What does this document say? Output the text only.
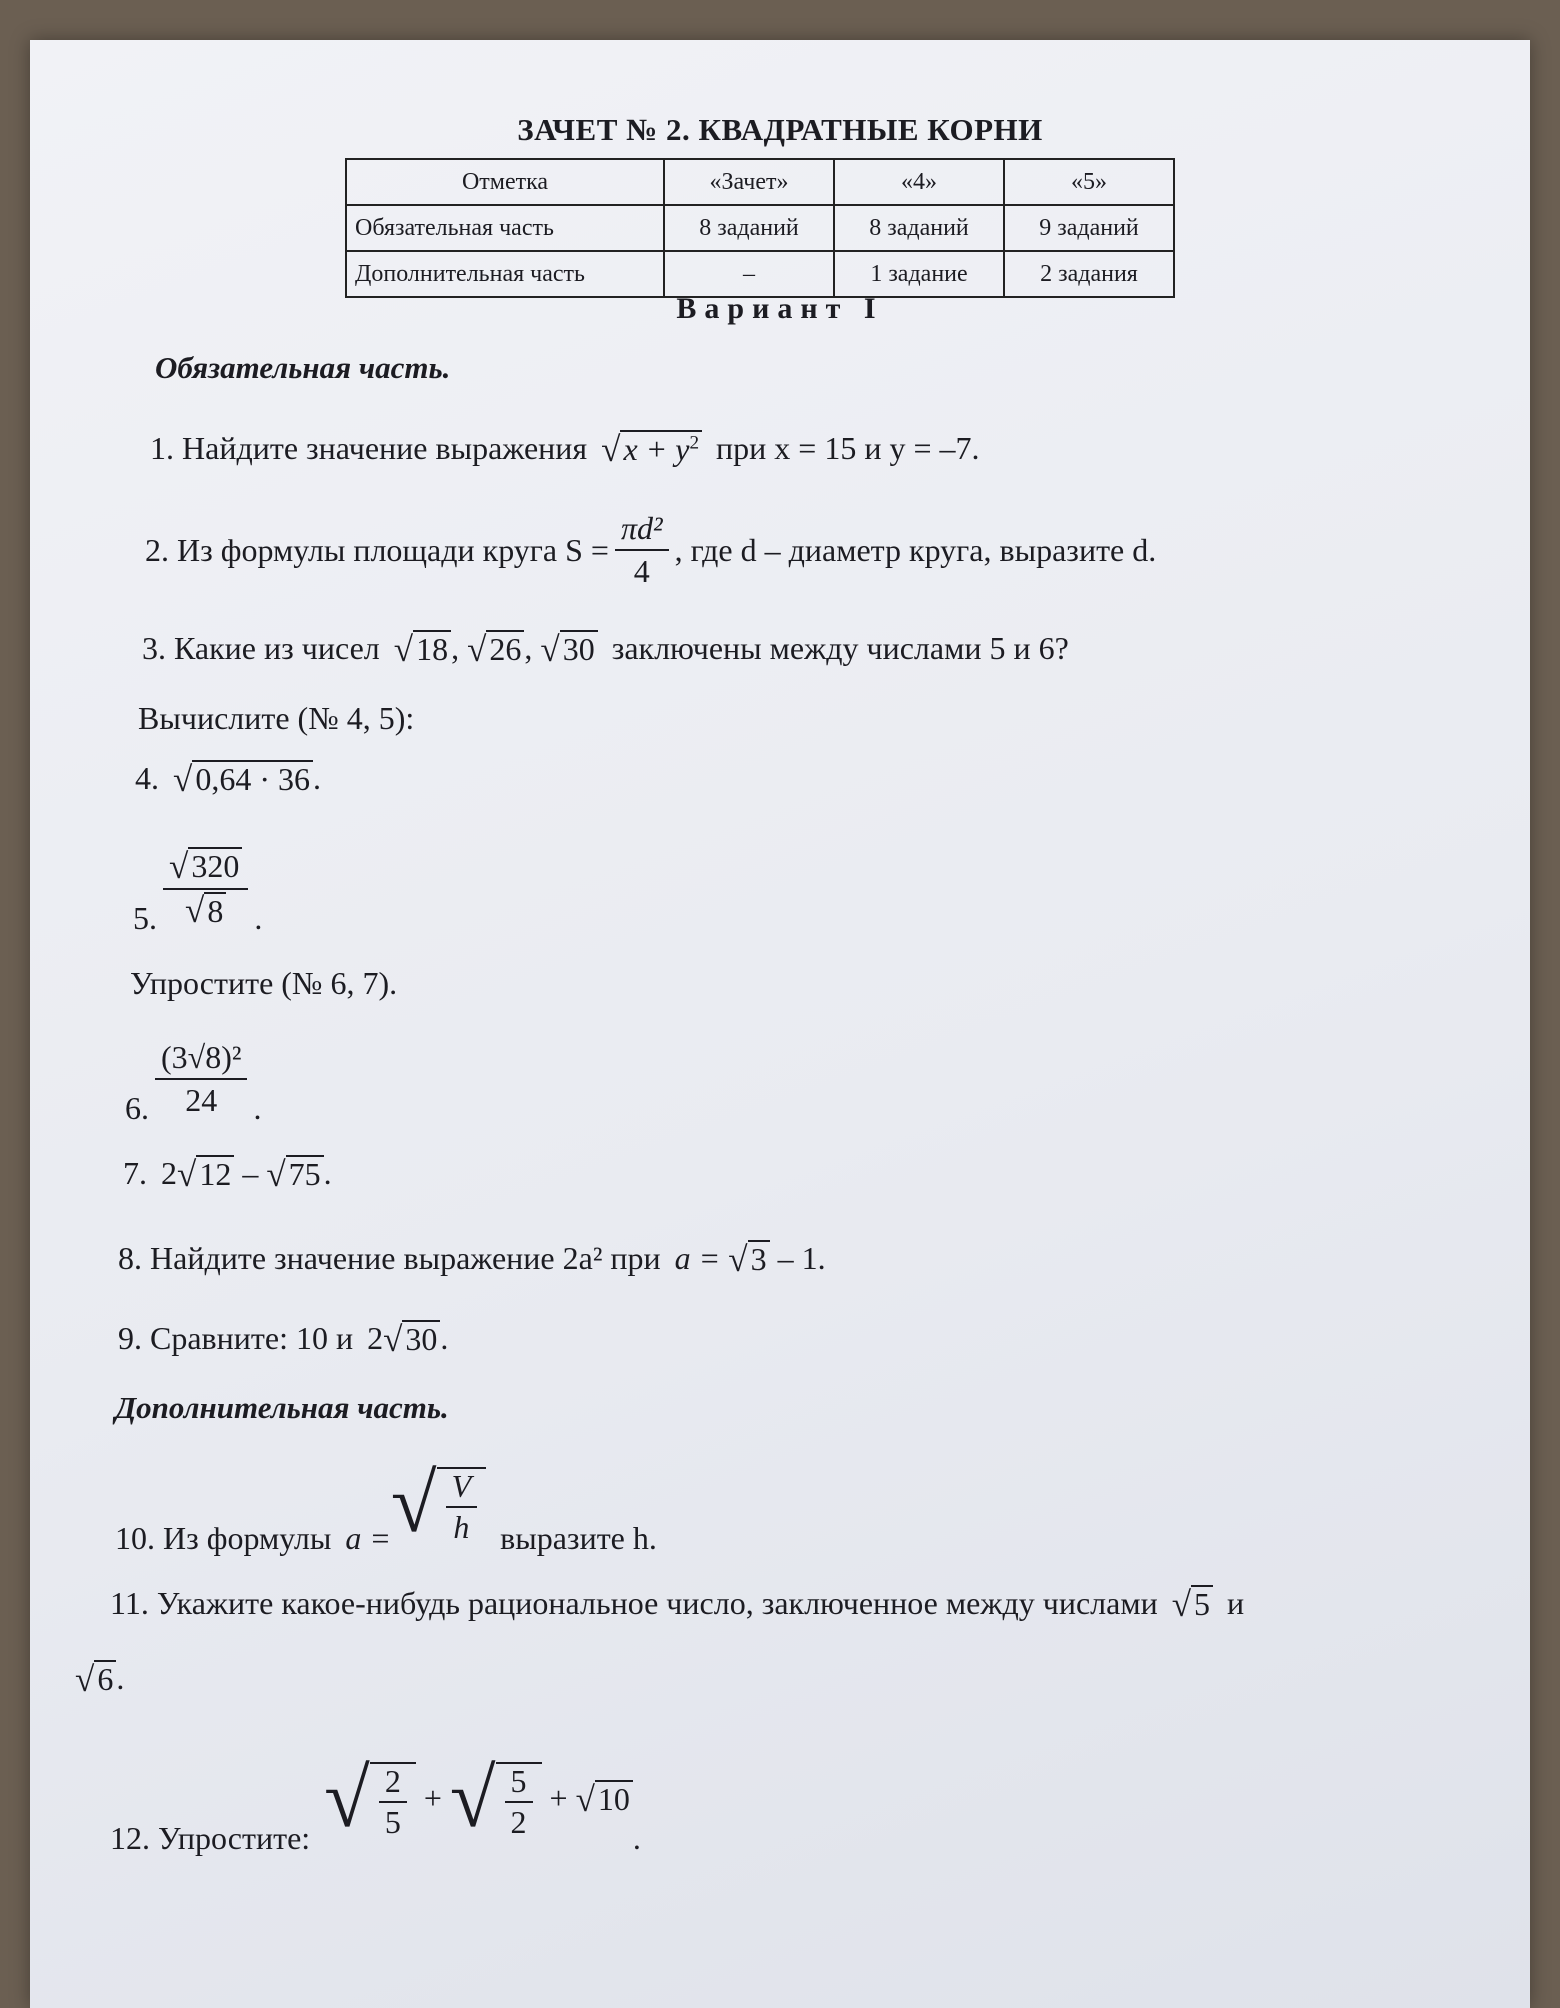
ЗАЧЕТ № 2. КВАДРАТНЫЕ КОРНИ
Отметка	«Зачет»	«4»	«5»
Обязательная часть	8 заданий	8 заданий	9 заданий
Дополнительная часть	–	1 задание	2 задания
Вариант I
Обязательная часть.
1. Найдите значение выражения √ $x + y^2$ при x = 15 и y = –7.
2. Из формулы площади круга $S = \frac{\text{πd²}}{4}$ , где d – диаметр круга, выразите d.
3. Какие из чисел √ 18 , √ 26 , √ 30 заключены между числами 5 и 6?
Вычислите (№ 4, 5):
4. √ 0,64 · 36 .
5. $\frac{√ 320}{√ 8}$ .
Упростите (№ 6, 7).
6. $\frac{\text{(3√8)²}}{24}$ .
7. 2 √ 12
–
√ 75 .
8. Найдите значение выражение 2a² при a =
√ 3
– 1 .
9. Сравните: 10 и 2 √ 30 .
Дополнительная часть.
10. Из формулы a = √ $\frac{V}{h}$ выразите h.
11. Укажите какое-нибудь рациональное число, заключенное между числами √ 5 и
√ 6 .
12. Упростите: √ $\frac{2}{5}$
+
√ $\frac{5}{2}$
+
√ 10
.
